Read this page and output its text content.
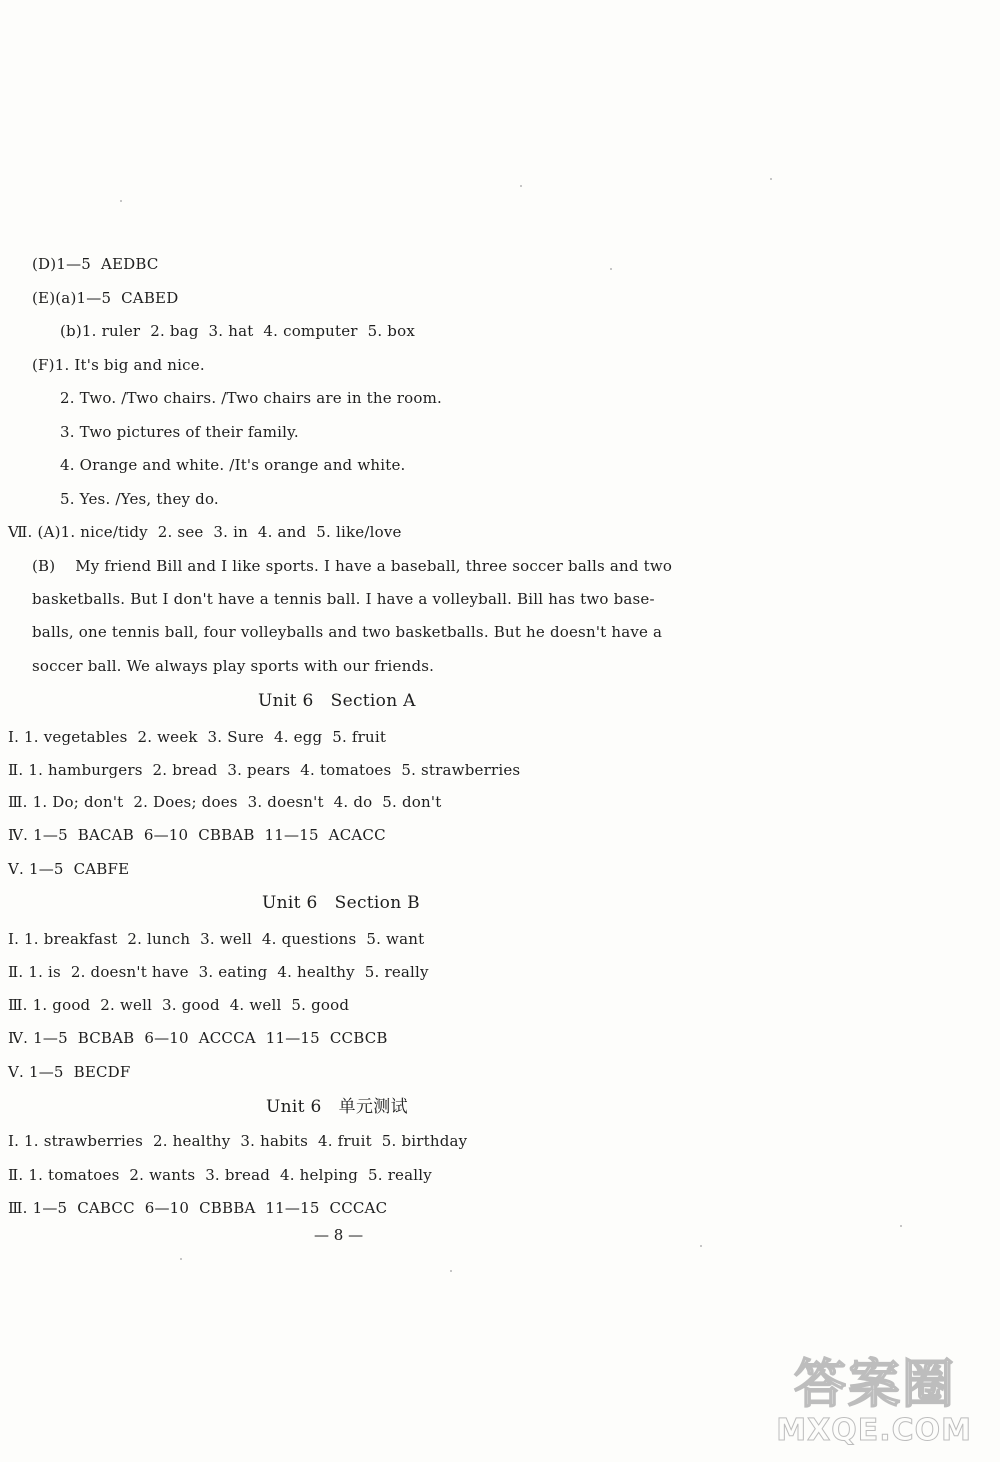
(D)1—5  AEDBC
(E)(a)1—5  CABED
(b)1. ruler  2. bag  3. hat  4. computer  5. box
(F)1. It's big and nice.
2. Two. /Two chairs. /Two chairs are in the room.
3. Two pictures of their family.
4. Orange and white. /It's orange and white.
5. Yes. /Yes, they do.
Ⅶ. (A)1. nice/tidy  2. see  3. in  4. and  5. like/love
(B)    My friend Bill and I like sports. I have a baseball, three soccer balls and two
basketballs. But I don't have a tennis ball. I have a volleyball. Bill has two base-
balls, one tennis ball, four volleyballs and two basketballs. But he doesn't have a
soccer ball. We always play sports with our friends.
Unit 6   Section A
Ⅰ. 1. vegetables  2. week  3. Sure  4. egg  5. fruit
Ⅱ. 1. hamburgers  2. bread  3. pears  4. tomatoes  5. strawberries
Ⅲ. 1. Do; don't  2. Does; does  3. doesn't  4. do  5. don't
Ⅳ. 1—5  BACAB  6—10  CBBAB  11—15  ACACC
Ⅴ. 1—5  CABFE
Unit 6   Section B
Ⅰ. 1. breakfast  2. lunch  3. well  4. questions  5. want
Ⅱ. 1. is  2. doesn't have  3. eating  4. healthy  5. really
Ⅲ. 1. good  2. well  3. good  4. well  5. good
Ⅳ. 1—5  BCBAB  6—10  ACCCA  11—15  CCBCB
Ⅴ. 1—5  BECDF
Unit 6   单元测试
Ⅰ. 1. strawberries  2. healthy  3. habits  4. fruit  5. birthday
Ⅱ. 1. tomatoes  2. wants  3. bread  4. helping  5. really
Ⅲ. 1—5  CABCC  6—10  CBBBA  11—15  CCCAC
— 8 —
答案圈
MXQE.COM
